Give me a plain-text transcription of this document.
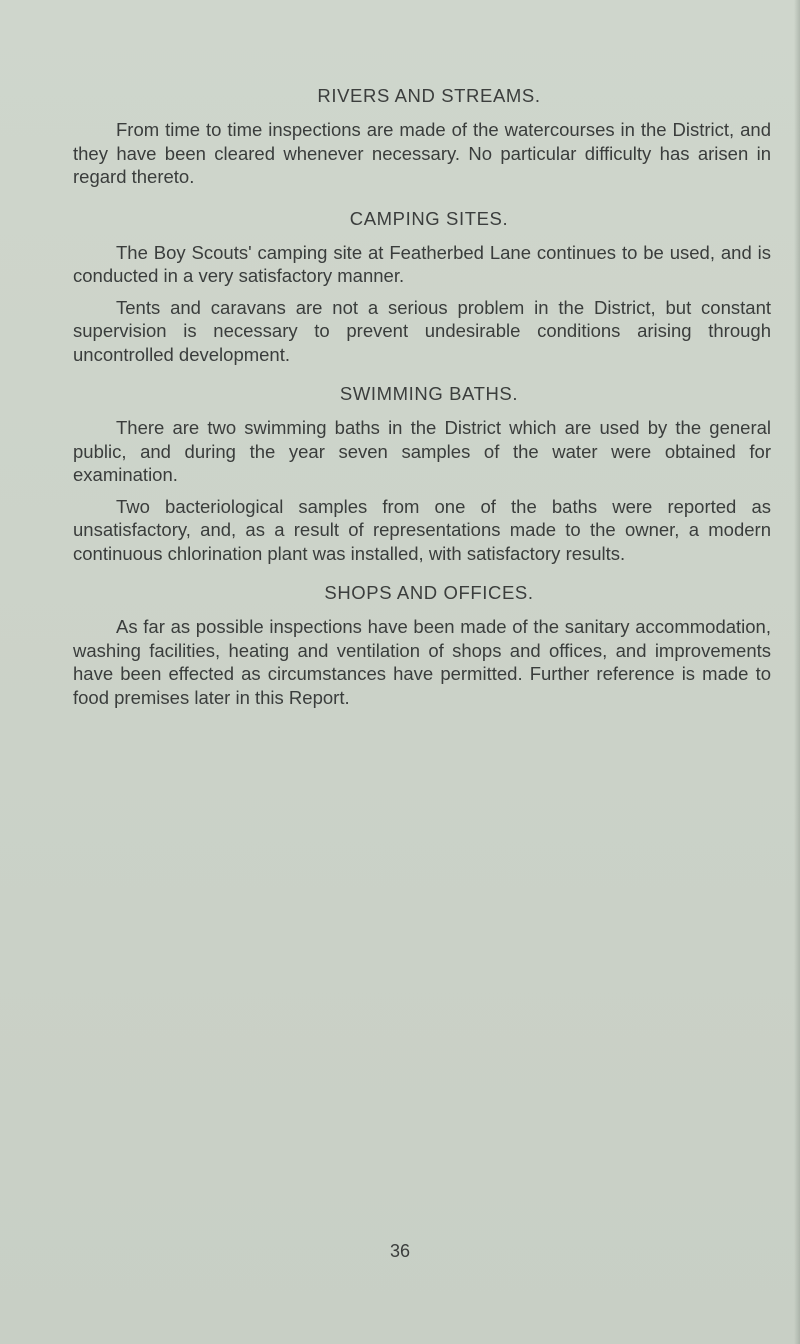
RIVERS AND STREAMS.

From time to time inspections are made of the watercourses in the District, and they have been cleared whenever necessary. No particular difficulty has arisen in regard thereto.

CAMPING SITES.

The Boy Scouts' camping site at Featherbed Lane continues to be used, and is conducted in a very satisfactory manner.

Tents and caravans are not a serious problem in the District, but constant supervision is necessary to prevent undesirable conditions arising through uncontrolled development.

SWIMMING BATHS.

There are two swimming baths in the District which are used by the general public, and during the year seven samples of the water were obtained for examination.

Two bacteriological samples from one of the baths were reported as unsatisfactory, and, as a result of representations made to the owner, a modern continuous chlorination plant was installed, with satisfactory results.

SHOPS AND OFFICES.

As far as possible inspections have been made of the sanitary accommodation, washing facilities, heating and ventilation of shops and offices, and improvements have been effected as circumstances have permitted. Further reference is made to food premises later in this Report.

36
